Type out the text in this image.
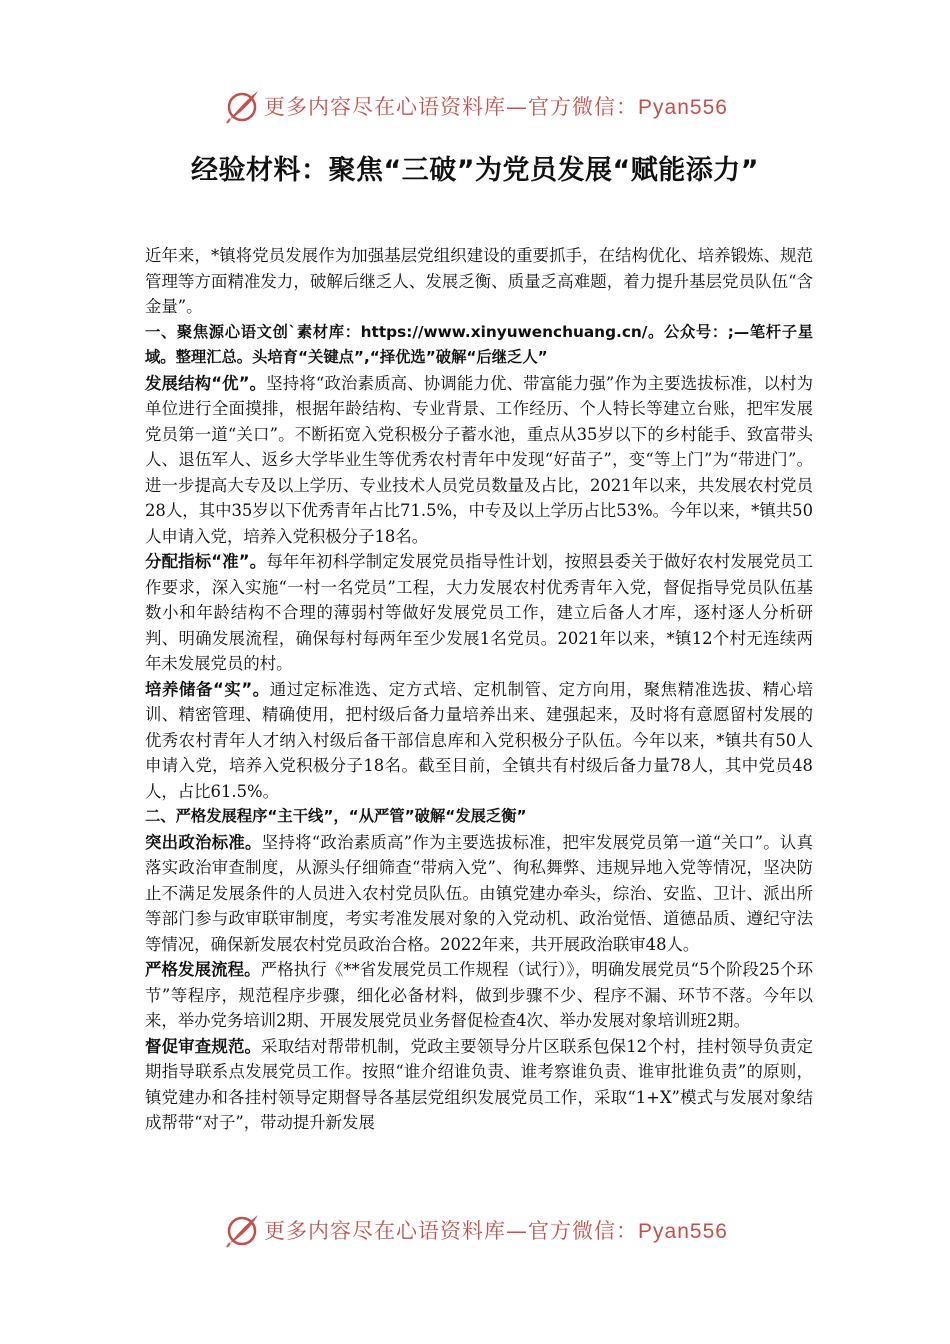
更多内容尽在心语资料库—官方微信：Pyan556
经验材料：聚焦“三破”为党员发展“赋能添力”

近年来，*镇将党员发展作为加强基层党组织建设的重要抓手，在结构优化、培养锻炼、规范管理等方面精准发力，破解后继乏人、发展乏衡、质量乏高难题，着力提升基层党员队伍“含金量”。

一、聚焦源心语文创`素材库：https://www.xinyuwenchuang.cn/。公众号：;—笔杆子星域。整理汇总。头培育“关键点”,“择优选”破解“后继乏人”

发展结构“优”。坚持将“政治素质高、协调能力优、带富能力强”作为主要选拔标准，以村为单位进行全面摸排，根据年龄结构、专业背景、工作经历、个人特长等建立台账，把牢发展党员第一道“关口”。不断拓宽入党积极分子蓄水池，重点从35岁以下的乡村能手、致富带头人、退伍军人、返乡大学毕业生等优秀农村青年中发现“好苗子”，变“等上门”为“带进门”。进一步提高大专及以上学历、专业技术人员党员数量及占比，2021年以来，共发展农村党员28人，其中35岁以下优秀青年占比71.5%，中专及以上学历占比53%。今年以来，*镇共50人申请入党，培养入党积极分子18名。

分配指标“准”。每年年初科学制定发展党员指导性计划，按照县委关于做好农村发展党员工作要求，深入实施“一村一名党员”工程，大力发展农村优秀青年入党，督促指导党员队伍基数小和年龄结构不合理的薄弱村等做好发展党员工作，建立后备人才库，逐村逐人分析研判、明确发展流程，确保每村每两年至少发展1名党员。2021年以来，*镇12个村无连续两年未发展党员的村。

培养储备“实”。通过定标准选、定方式培、定机制管、定方向用，聚焦精准选拔、精心培训、精密管理、精确使用，把村级后备力量培养出来、建强起来，及时将有意愿留村发展的优秀农村青年人才纳入村级后备干部信息库和入党积极分子队伍。今年以来，*镇共有50人申请入党，培养入党积极分子18名。截至目前，全镇共有村级后备力量78人，其中党员48人，占比61.5%。

二、严格发展程序“主干线”，“从严管”破解“发展乏衡”

突出政治标准。坚持将“政治素质高”作为主要选拔标准，把牢发展党员第一道“关口”。认真落实政治审查制度，从源头仔细筛查“带病入党”、徇私舞弊、违规异地入党等情况，坚决防止不满足发展条件的人员进入农村党员队伍。由镇党建办牵头，综治、安监、卫计、派出所等部门参与政审联审制度，考实考准发展对象的入党动机、政治觉悟、道德品质、遵纪守法等情况，确保新发展农村党员政治合格。2022年来，共开展政治联审48人。

严格发展流程。严格执行《**省发展党员工作规程（试行）》，明确发展党员“5个阶段25个环节”等程序，规范程序步骤，细化必备材料，做到步骤不少、程序不漏、环节不落。今年以来，举办党务培训2期、开展发展党员业务督促检查4次、举办发展对象培训班2期。

督促审查规范。采取结对帮带机制，党政主要领导分片区联系包保12个村，挂村领导负责定期指导联系点发展党员工作。按照“谁介绍谁负责、谁考察谁负责、谁审批谁负责”的原则，镇党建办和各挂村领导定期督导各基层党组织发展党员工作，采取“1+X”模式与发展对象结成帮带“对子”，带动提升新发展

更多内容尽在心语资料库—官方微信：Pyan556
